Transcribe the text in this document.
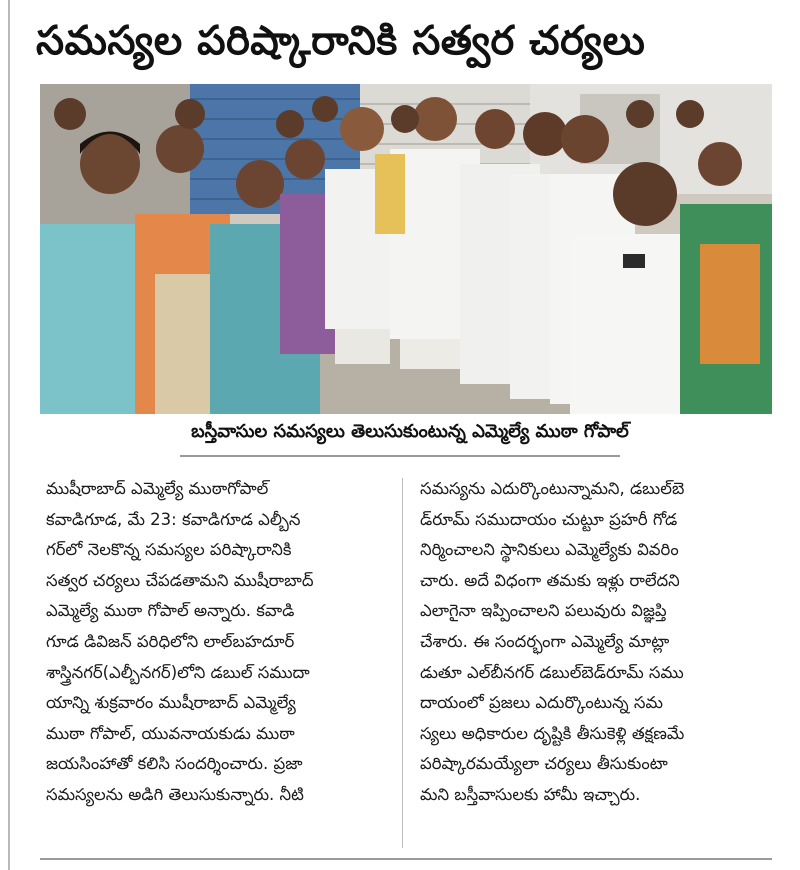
సమస్యల పరిష్కారానికి సత్వర చర్యలు
బస్తీవాసుల సమస్యలు తెలుసుకుంటున్న ఎమ్మెల్యే ముఠా గోపాల్
ముషీరాబాద్ ఎమ్మెల్యే ముఠాగోపాల్
కవాడిగూడ, మే 23: కవాడిగూడ ఎల్బీన
గర్‌లో నెలకొన్న సమస్యల పరిష్కారానికి
సత్వర చర్యలు చేపడతామని ముషీరాబాద్
ఎమ్మెల్యే ముఠా గోపాల్ అన్నారు. కవాడి
గూడ డివిజన్ పరిధిలోని లాల్‌బహదూర్
శాస్త్రినగర్(ఎల్బీనగర్)లోని డబుల్ సముదా
యాన్ని శుక్రవారం ముషీరాబాద్ ఎమ్మెల్యే
ముఠా గోపాల్, యువనాయకుడు ముఠా
జయసింహాతో కలిసి సందర్శించారు. ప్రజా
సమస్యలను అడిగి తెలుసుకున్నారు. నీటి
సమస్యను ఎదుర్కొంటున్నామని, డబుల్‌బె
డ్‌రూమ్ సముదాయం చుట్టూ ప్రహరీ గోడ
నిర్మించాలని స్థానికులు ఎమ్మెల్యేకు వివరిం
చారు. అదే విధంగా తమకు ఇళ్లు రాలేదని
ఎలాగైనా ఇప్పించాలని పలువురు విజ్ఞప్తి
చేశారు. ఈ సందర్భంగా ఎమ్మెల్యే మాట్లా
డుతూ ఎల్‌బీనగర్ డబుల్‌బెడ్‌రూమ్ సము
దాయంలో ప్రజలు ఎదుర్కొంటున్న సమ
స్యలు అధికారుల దృష్టికి తీసుకెళ్లి తక్షణమే
పరిష్కారమయ్యేలా చర్యలు తీసుకుంటా
మని బస్తీవాసులకు హామీ ఇచ్చారు.
